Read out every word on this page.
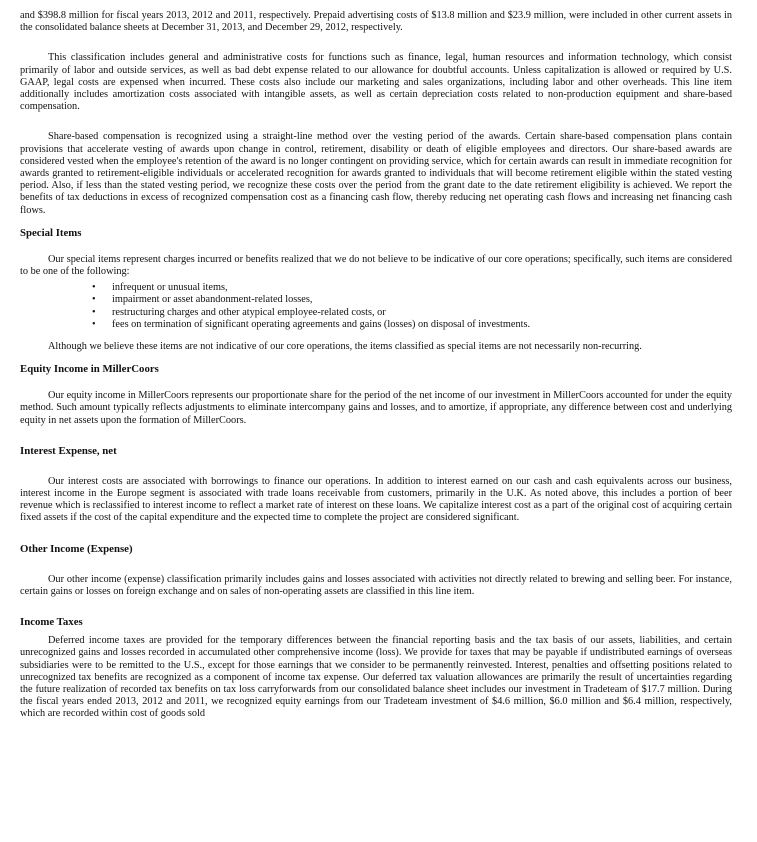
and $398.8 million for fiscal years 2013, 2012 and 2011, respectively. Prepaid advertising costs of $13.8 million and $23.9 million, were included in other current assets in the consolidated balance sheets at December 31, 2013, and December 29, 2012, respectively.

This classification includes general and administrative costs for functions such as finance, legal, human resources and information technology, which consist primarily of labor and outside services, as well as bad debt expense related to our allowance for doubtful accounts. Unless capitalization is allowed or required by U.S. GAAP, legal costs are expensed when incurred. These costs also include our marketing and sales organizations, including labor and other overheads. This line item additionally includes amortization costs associated with intangible assets, as well as certain depreciation costs related to non-production equipment and share-based compensation.

Share-based compensation is recognized using a straight-line method over the vesting period of the awards. Certain share-based compensation plans contain provisions that accelerate vesting of awards upon change in control, retirement, disability or death of eligible employees and directors. Our share-based awards are considered vested when the employee's retention of the award is no longer contingent on providing service, which for certain awards can result in immediate recognition for awards granted to retirement-eligible individuals or accelerated recognition for awards granted to individuals that will become retirement eligible within the stated vesting period. Also, if less than the stated vesting period, we recognize these costs over the period from the grant date to the date retirement eligibility is achieved. We report the benefits of tax deductions in excess of recognized compensation cost as a financing cash flow, thereby reducing net operating cash flows and increasing net financing cash flows.

Special Items

Our special items represent charges incurred or benefits realized that we do not believe to be indicative of our core operations; specifically, such items are considered to be one of the following:

• infrequent or unusual items,
• impairment or asset abandonment-related losses,
• restructuring charges and other atypical employee-related costs, or
• fees on termination of significant operating agreements and gains (losses) on disposal of investments.

Although we believe these items are not indicative of our core operations, the items classified as special items are not necessarily non-recurring.

Equity Income in MillerCoors

Our equity income in MillerCoors represents our proportionate share for the period of the net income of our investment in MillerCoors accounted for under the equity method. Such amount typically reflects adjustments to eliminate intercompany gains and losses, and to amortize, if appropriate, any difference between cost and underlying equity in net assets upon the formation of MillerCoors.

Interest Expense, net

Our interest costs are associated with borrowings to finance our operations. In addition to interest earned on our cash and cash equivalents across our business, interest income in the Europe segment is associated with trade loans receivable from customers, primarily in the U.K. As noted above, this includes a portion of beer revenue which is reclassified to interest income to reflect a market rate of interest on these loans. We capitalize interest cost as a part of the original cost of acquiring certain fixed assets if the cost of the capital expenditure and the expected time to complete the project are considered significant.

Other Income (Expense)

Our other income (expense) classification primarily includes gains and losses associated with activities not directly related to brewing and selling beer. For instance, certain gains or losses on foreign exchange and on sales of non-operating assets are classified in this line item.

Income Taxes

Deferred income taxes are provided for the temporary differences between the financial reporting basis and the tax basis of our assets, liabilities, and certain unrecognized gains and losses recorded in accumulated other comprehensive income (loss). We provide for taxes that may be payable if undistributed earnings of overseas subsidiaries were to be remitted to the U.S., except for those earnings that we consider to be permanently reinvested. Interest, penalties and offsetting positions related to unrecognized tax benefits are recognized as a component of income tax expense. Our deferred tax valuation allowances are primarily the result of uncertainties regarding the future realization of recorded tax benefits on tax loss carryforwards from our consolidated balance sheet includes our investment in Tradeteam of $17.7 million. During the fiscal years ended 2013, 2012 and 2011, we recognized equity earnings from our Tradeteam investment of $4.6 million, $6.0 million and $6.4 million, respectively, which are recorded within cost of goods sold
